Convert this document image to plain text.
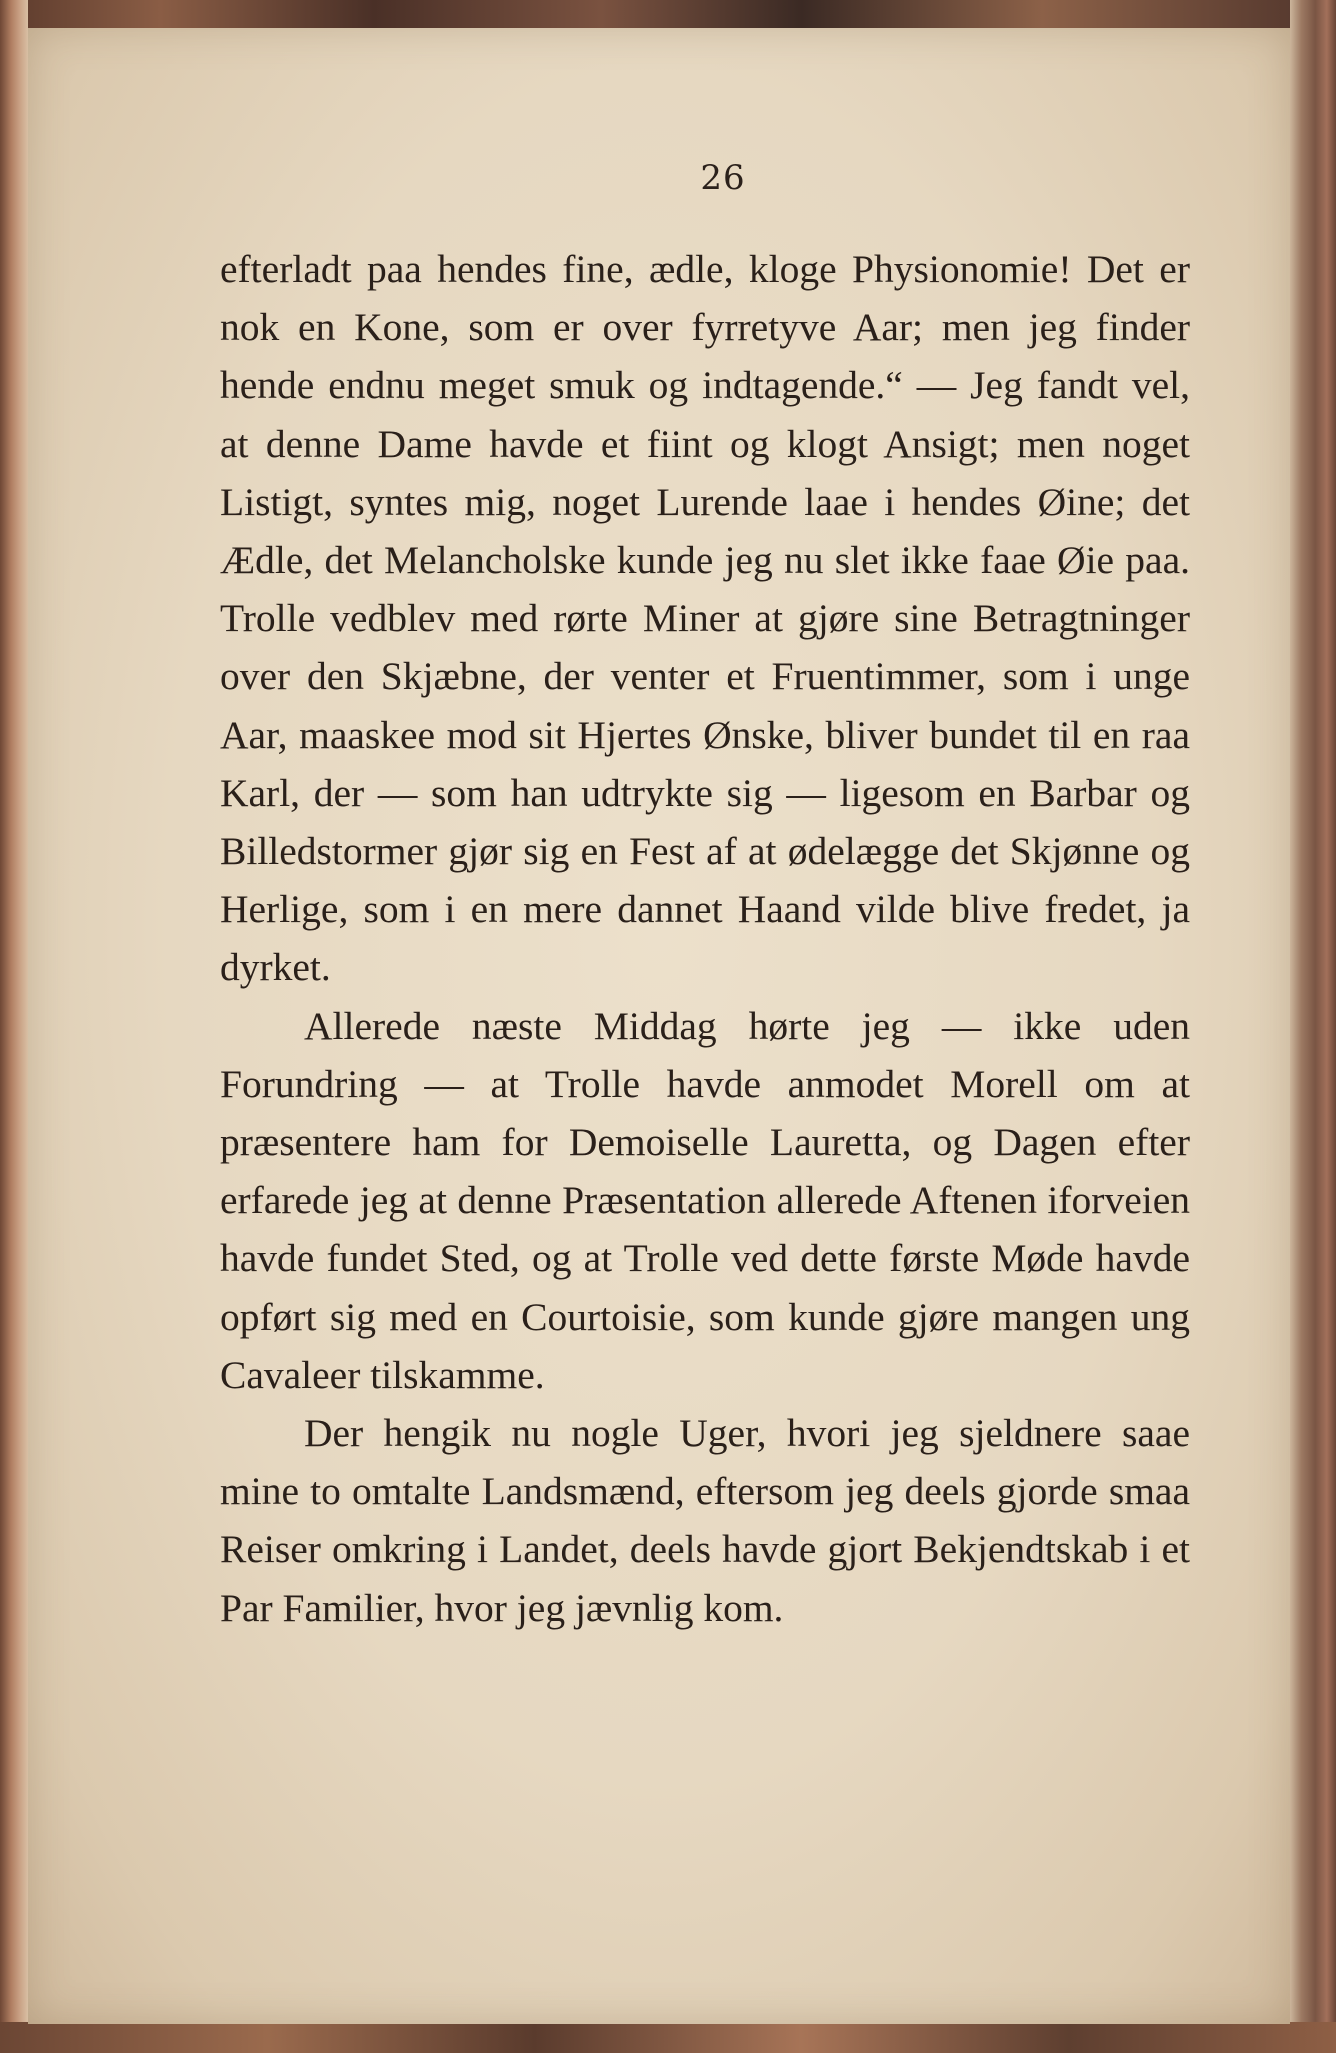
26

efterladt paa hendes fine, ædle, kloge Physionomie! Det er nok en Kone, som er over fyrretyve Aar; men jeg finder hende endnu meget smuk og indtagende.“ — Jeg fandt vel, at denne Dame havde et fiint og klogt Ansigt; men noget Listigt, syntes mig, noget Lurende laae i hendes Øine; det Ædle, det Melancholske kunde jeg nu slet ikke faae Øie paa. Trolle vedblev med rørte Miner at gjøre sine Betragtninger over den Skjæbne, der venter et Fruentimmer, som i unge Aar, maaskee mod sit Hjertes Ønske, bliver bundet til en raa Karl, der — som han udtrykte sig — ligesom en Barbar og Billedstormer gjør sig en Fest af at ødelægge det Skjønne og Herlige, som i en mere dannet Haand vilde blive fredet, ja dyrket.

Allerede næste Middag hørte jeg — ikke uden Forundring — at Trolle havde anmodet Morell om at præsentere ham for Demoiselle Lauretta, og Dagen efter erfarede jeg at denne Præsentation allerede Aftenen iforveien havde fundet Sted, og at Trolle ved dette første Møde havde opført sig med en Courtoisie, som kunde gjøre mangen ung Cavaleer tilskamme.

Der hengik nu nogle Uger, hvori jeg sjeldnere saae mine to omtalte Landsmænd, eftersom jeg deels gjorde smaa Reiser omkring i Landet, deels havde gjort Bekjendtskab i et Par Familier, hvor jeg jævnlig kom.
